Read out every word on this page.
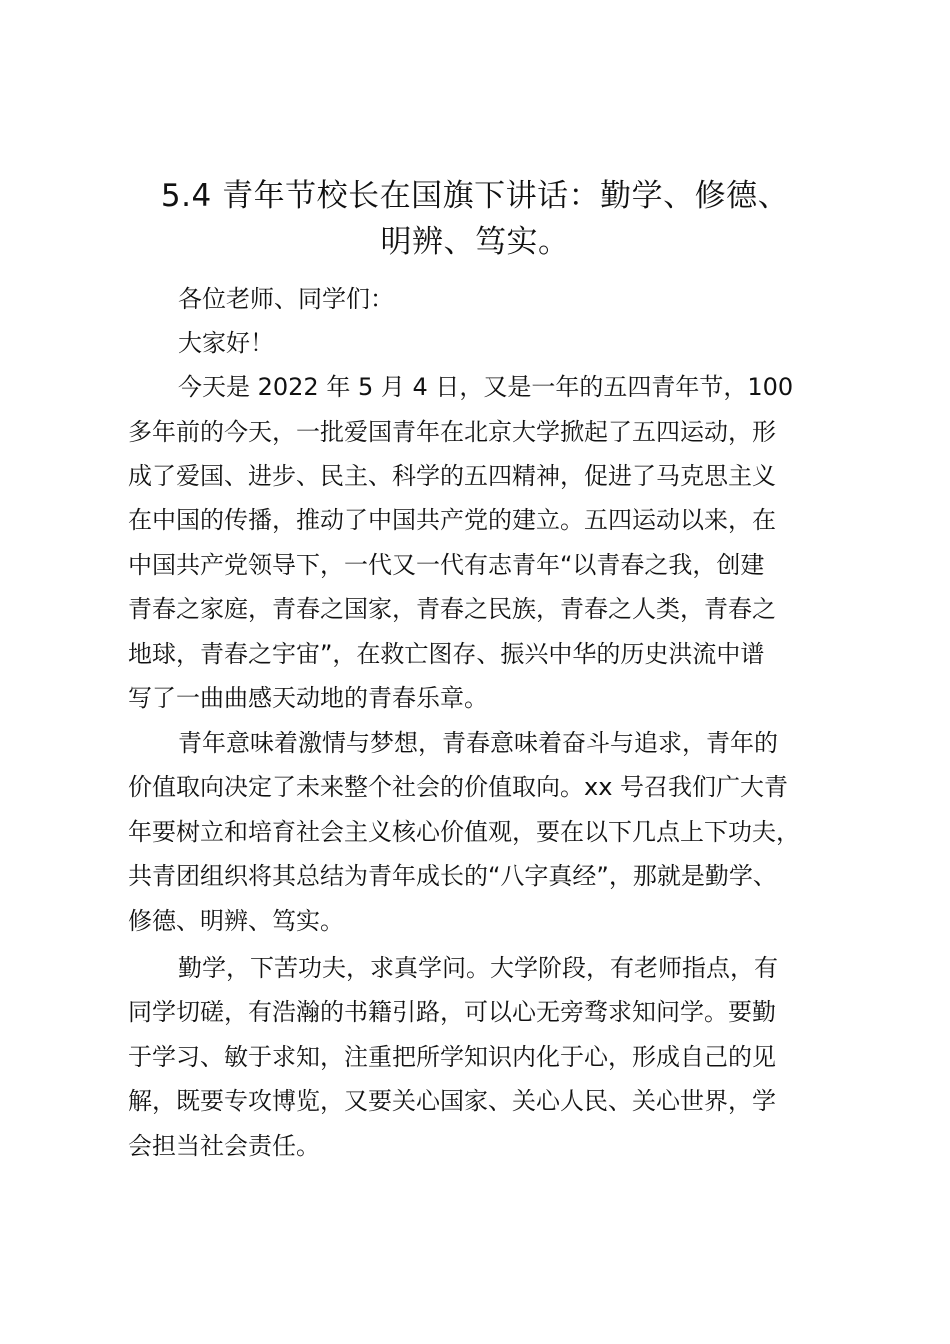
5.4 青年节校长在国旗下讲话：勤学、修德、
明辨、笃实。

各位老师、同学们：

大家好！

今天是 2022 年 5 月 4 日，又是一年的五四青年节，100

多年前的今天，一批爱国青年在北京大学掀起了五四运动，形

成了爱国、进步、民主、科学的五四精神，促进了马克思主义

在中国的传播，推动了中国共产党的建立。五四运动以来，在

中国共产党领导下，一代又一代有志青年“以青春之我，创建

青春之家庭，青春之国家，青春之民族，青春之人类，青春之

地球，青春之宇宙”，在救亡图存、振兴中华的历史洪流中谱

写了一曲曲感天动地的青春乐章。

青年意味着激情与梦想，青春意味着奋斗与追求，青年的

价值取向决定了未来整个社会的价值取向。xx 号召我们广大青

年要树立和培育社会主义核心价值观，要在以下几点上下功夫，

共青团组织将其总结为青年成长的“八字真经”，那就是勤学、

修德、明辨、笃实。

勤学，下苦功夫，求真学问。大学阶段，有老师指点，有

同学切磋，有浩瀚的书籍引路，可以心无旁骛求知问学。要勤

于学习、敏于求知，注重把所学知识内化于心，形成自己的见

解，既要专攻博览，又要关心国家、关心人民、关心世界，学

会担当社会责任。
